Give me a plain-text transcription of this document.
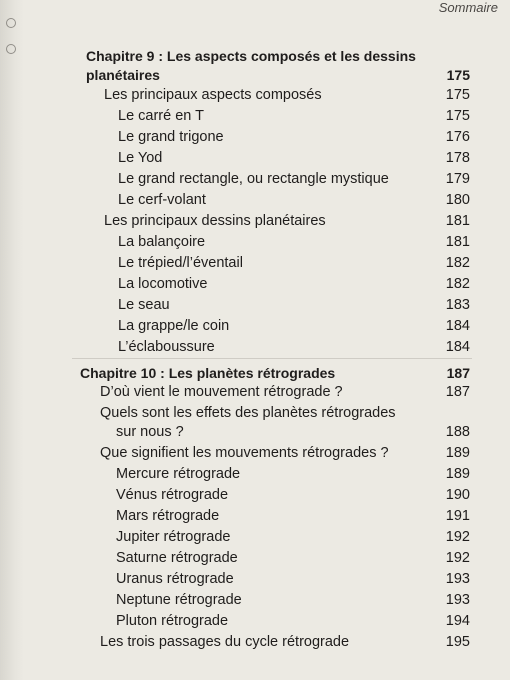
Sommaire
Chapitre 9 : Les aspects composés et les dessins
planétaires	175
Les principaux aspects composés	175
Le carré en T	175
Le grand trigone	176
Le Yod	178
Le grand rectangle, ou rectangle mystique	179
Le cerf-volant	180
Les principaux dessins planétaires	181
La balançoire	181
Le trépied/l’éventail	182
La locomotive	182
Le seau	183
La grappe/le coin	184
L’éclaboussure	184
Chapitre 10 : Les planètes rétrogrades	187
D’où vient le mouvement rétrograde ?	187
Quels sont les effets des planètes rétrogrades
sur nous ?	188
Que signifient les mouvements rétrogrades ?	189
Mercure rétrograde	189
Vénus rétrograde	190
Mars rétrograde	191
Jupiter rétrograde	192
Saturne rétrograde	192
Uranus rétrograde	193
Neptune rétrograde	193
Pluton rétrograde	194
Les trois passages du cycle rétrograde	195
